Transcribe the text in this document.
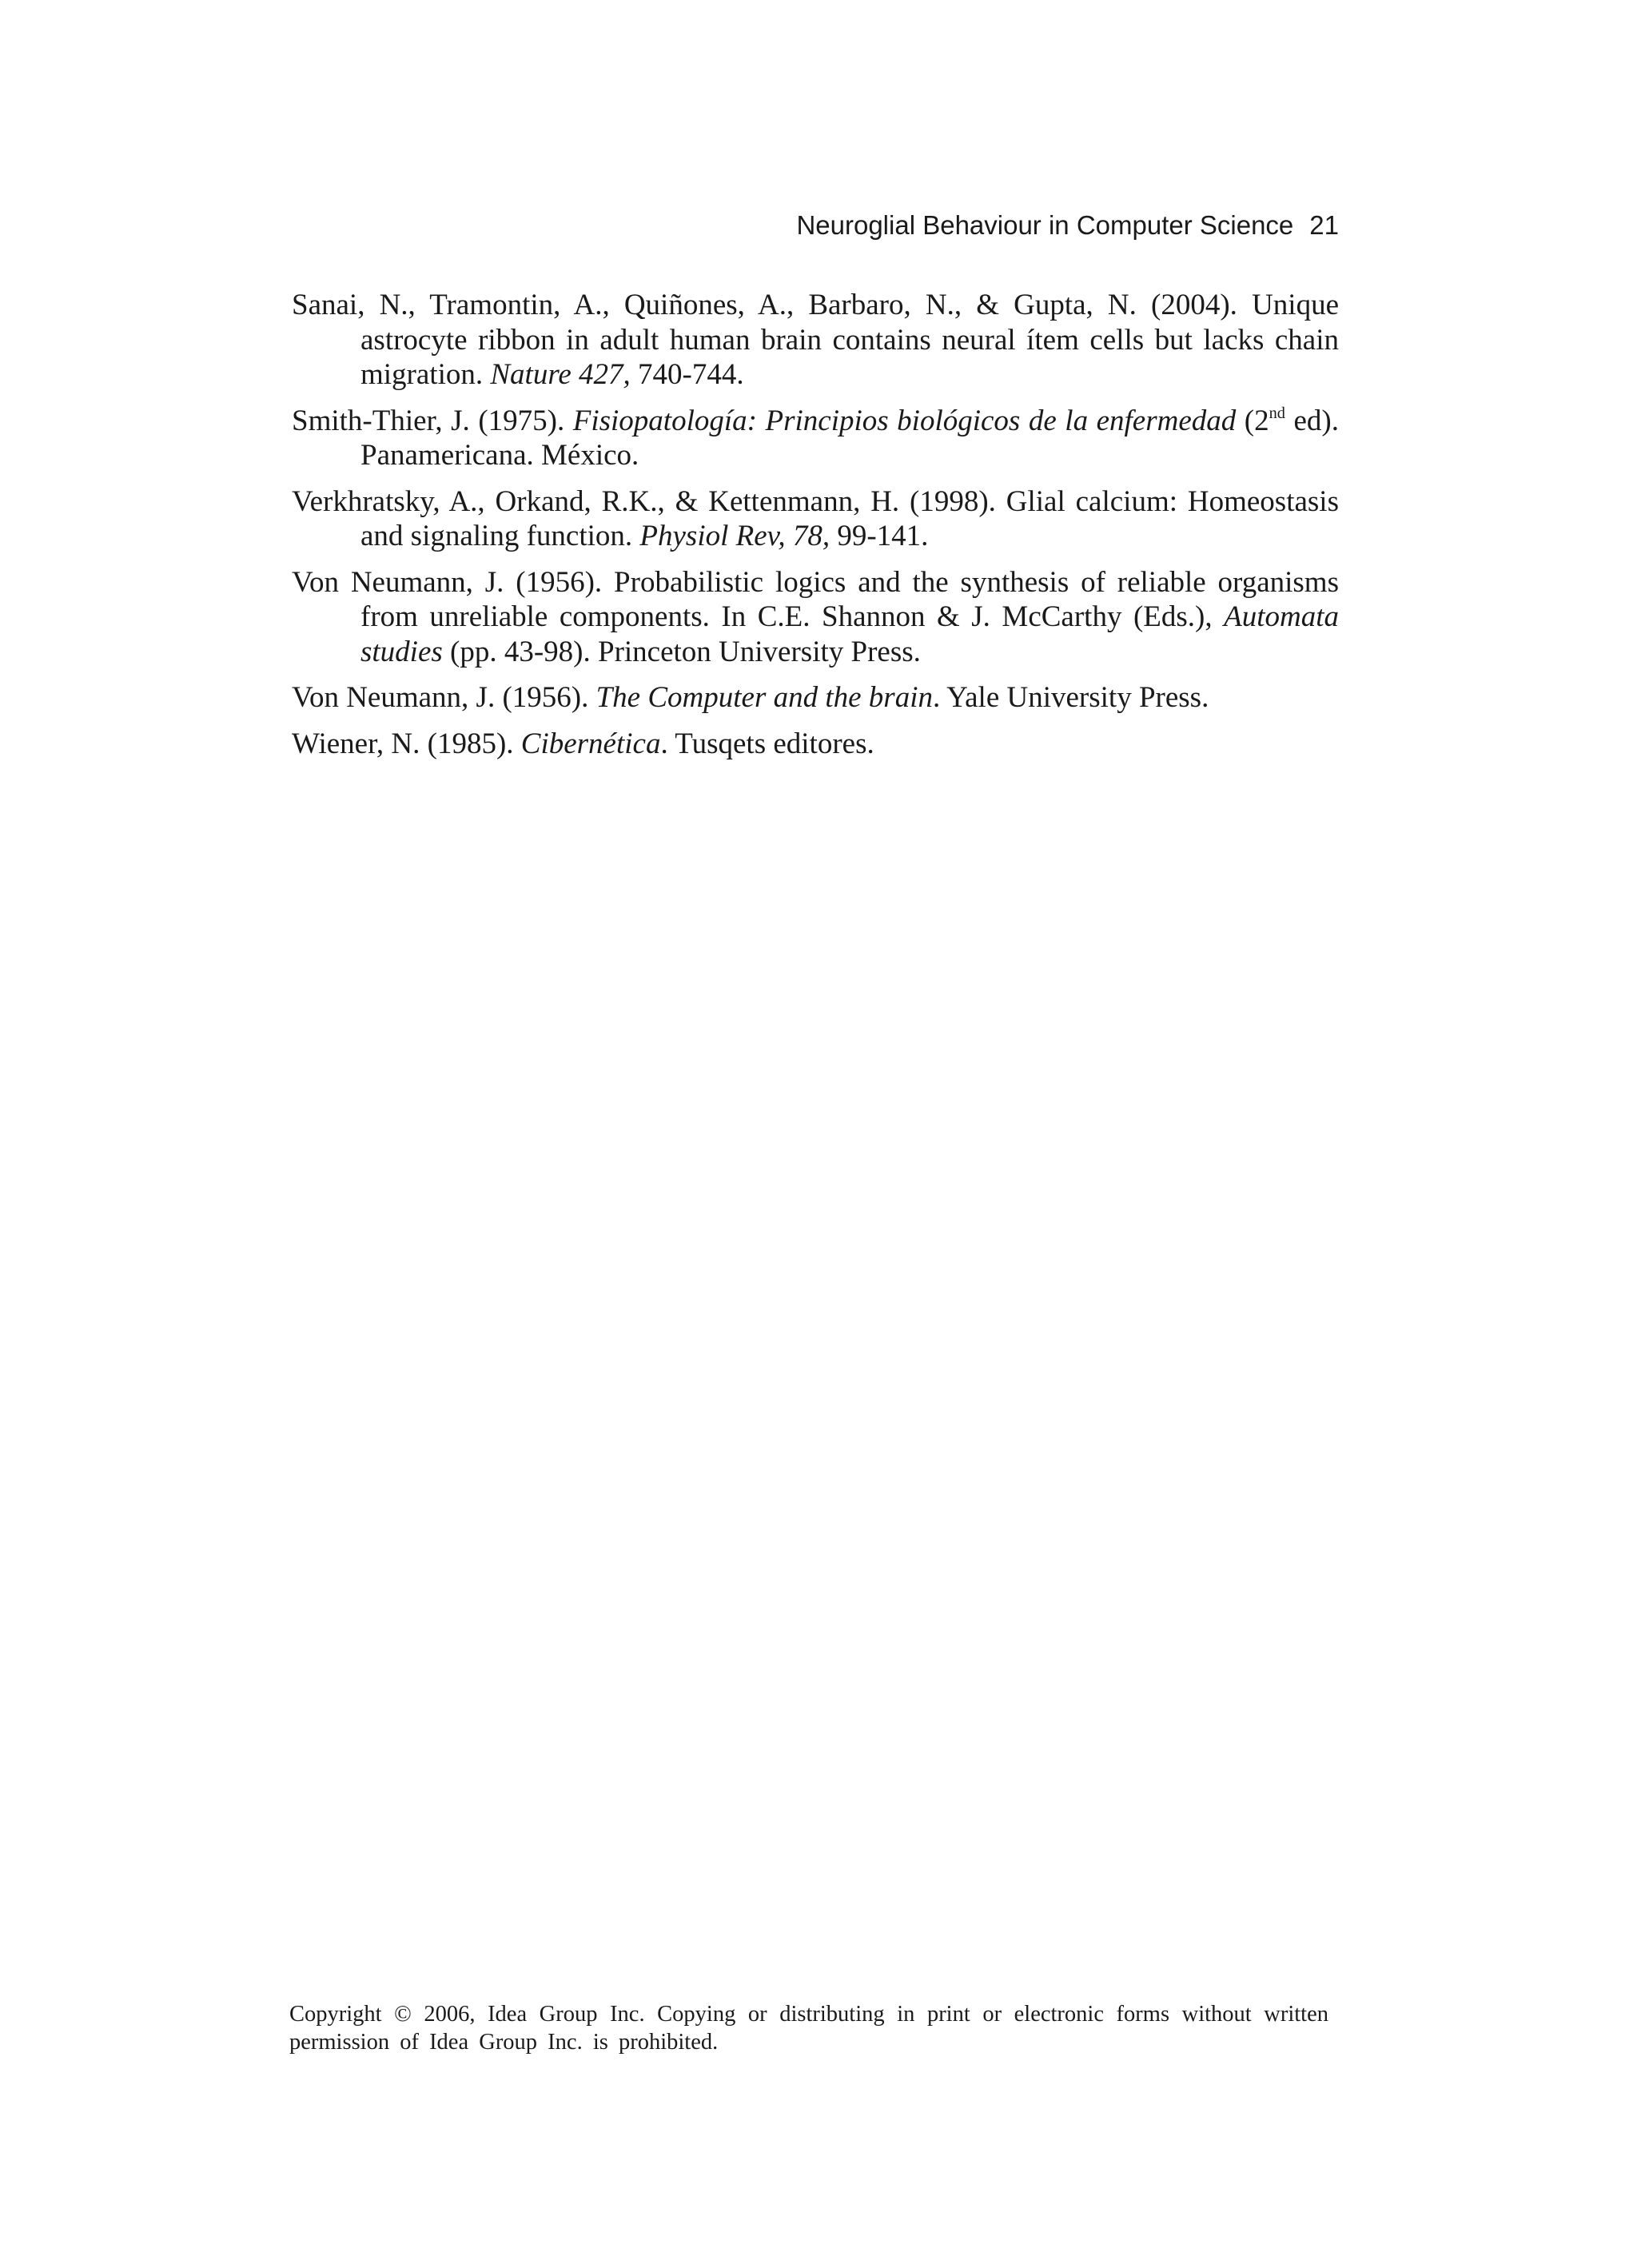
Neuroglial Behaviour in Computer Science 21

Sanai, N., Tramontin, A., Quiñones, A., Barbaro, N., & Gupta, N. (2004). Unique astrocyte ribbon in adult human brain contains neural ítem cells but lacks chain migration. Nature 427, 740-744.

Smith-Thier, J. (1975). Fisiopatología: Principios biológicos de la enfermedad (2nd ed). Panamericana. México.

Verkhratsky, A., Orkand, R.K., & Kettenmann, H. (1998). Glial calcium: Homeostasis and signaling function. Physiol Rev, 78, 99-141.

Von Neumann, J. (1956). Probabilistic logics and the synthesis of reliable organisms from unreliable components. In C.E. Shannon & J. McCarthy (Eds.), Automata studies (pp. 43-98). Princeton University Press.

Von Neumann, J. (1956). The Computer and the brain. Yale University Press.

Wiener, N. (1985). Cibernética. Tusqets editores.

Copyright © 2006, Idea Group Inc. Copying or distributing in print or electronic forms without written
permission of Idea Group Inc. is prohibited.
